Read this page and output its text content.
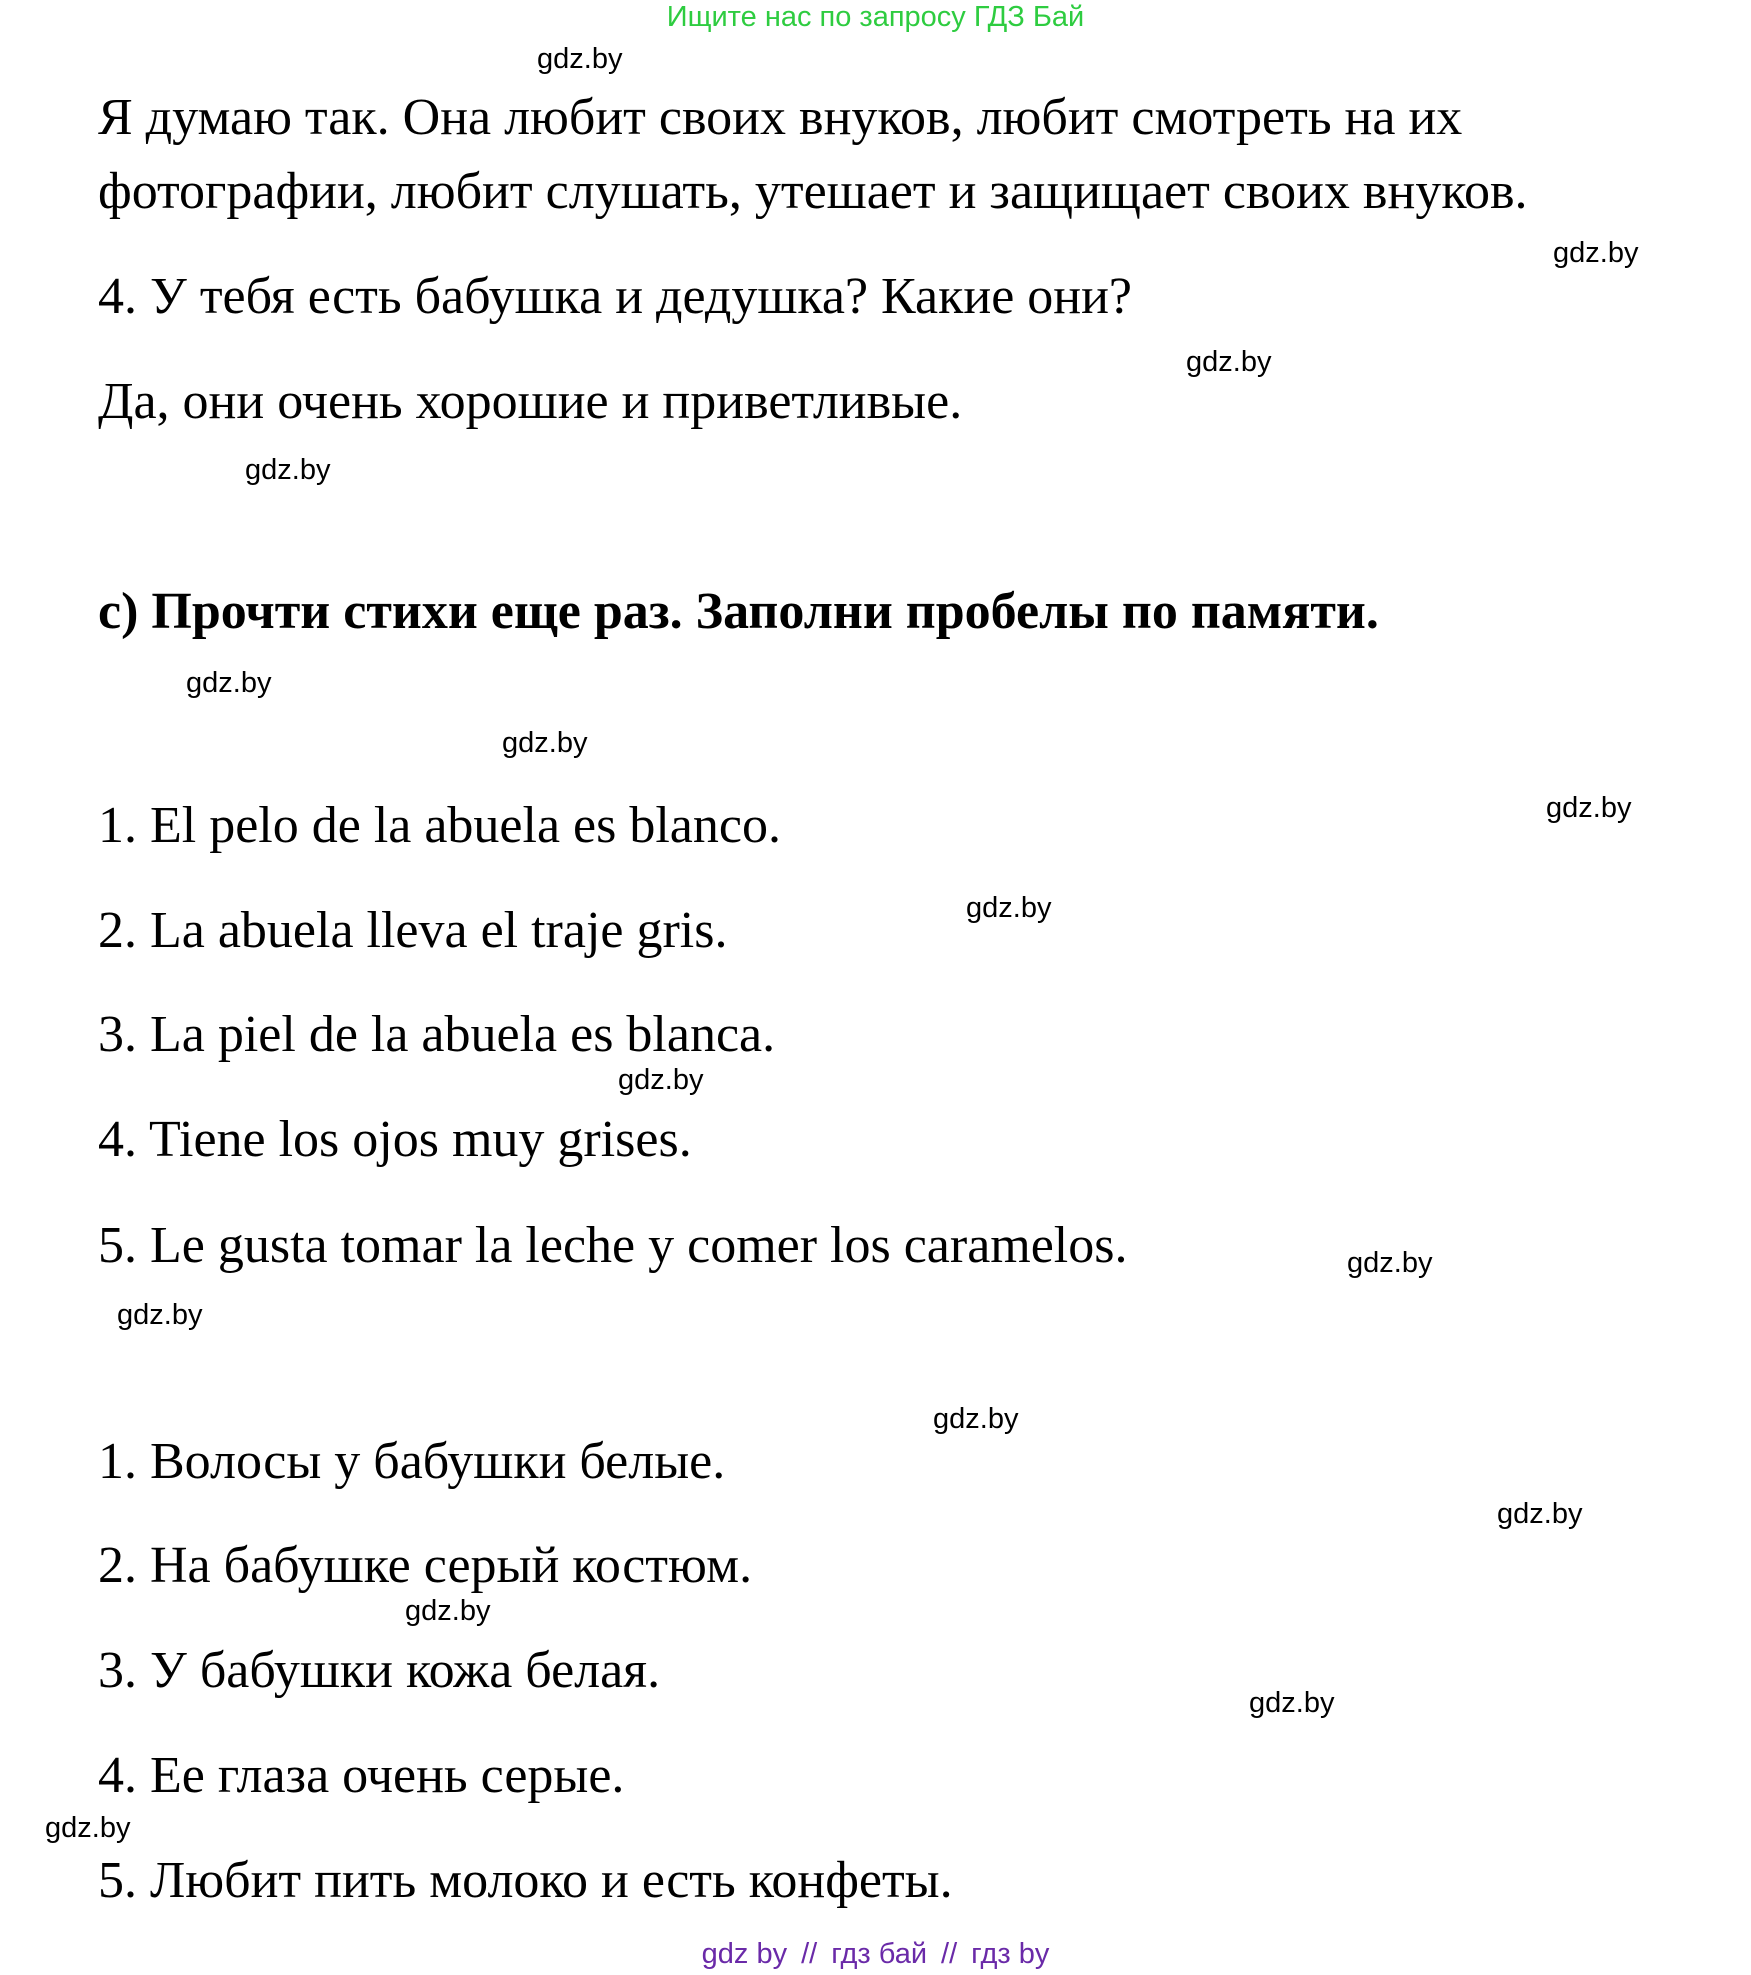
Ищите нас по запросу ГДЗ Бай
gdz.by
gdz.by
gdz.by
gdz.by
gdz.by
gdz.by
gdz.by
gdz.by
gdz.by
gdz.by
gdz.by
gdz.by
gdz.by
gdz.by
gdz.by
gdz.by
Я думаю так. Она любит своих внуков, любит смотреть на их
фотографии, любит слушать, утешает и защищает своих внуков.
4. У тебя есть бабушка и дедушка? Какие они?
Да, они очень хорошие и приветливые.
c) Прочти стихи еще раз. Заполни пробелы по памяти.
1. El pelo de la abuela es blanco.
2. La abuela lleva el traje gris.
3. La piel de la abuela es blanca.
4. Tiene los ojos muy grises.
5. Le gusta tomar la leche y comer los caramelos.
1. Волосы у бабушки белые.
2. На бабушке серый костюм.
3. У бабушки кожа белая.
4. Ее глаза очень серые.
5. Любит пить молоко и есть конфеты.
gdz by // гдз бай // гдз by
